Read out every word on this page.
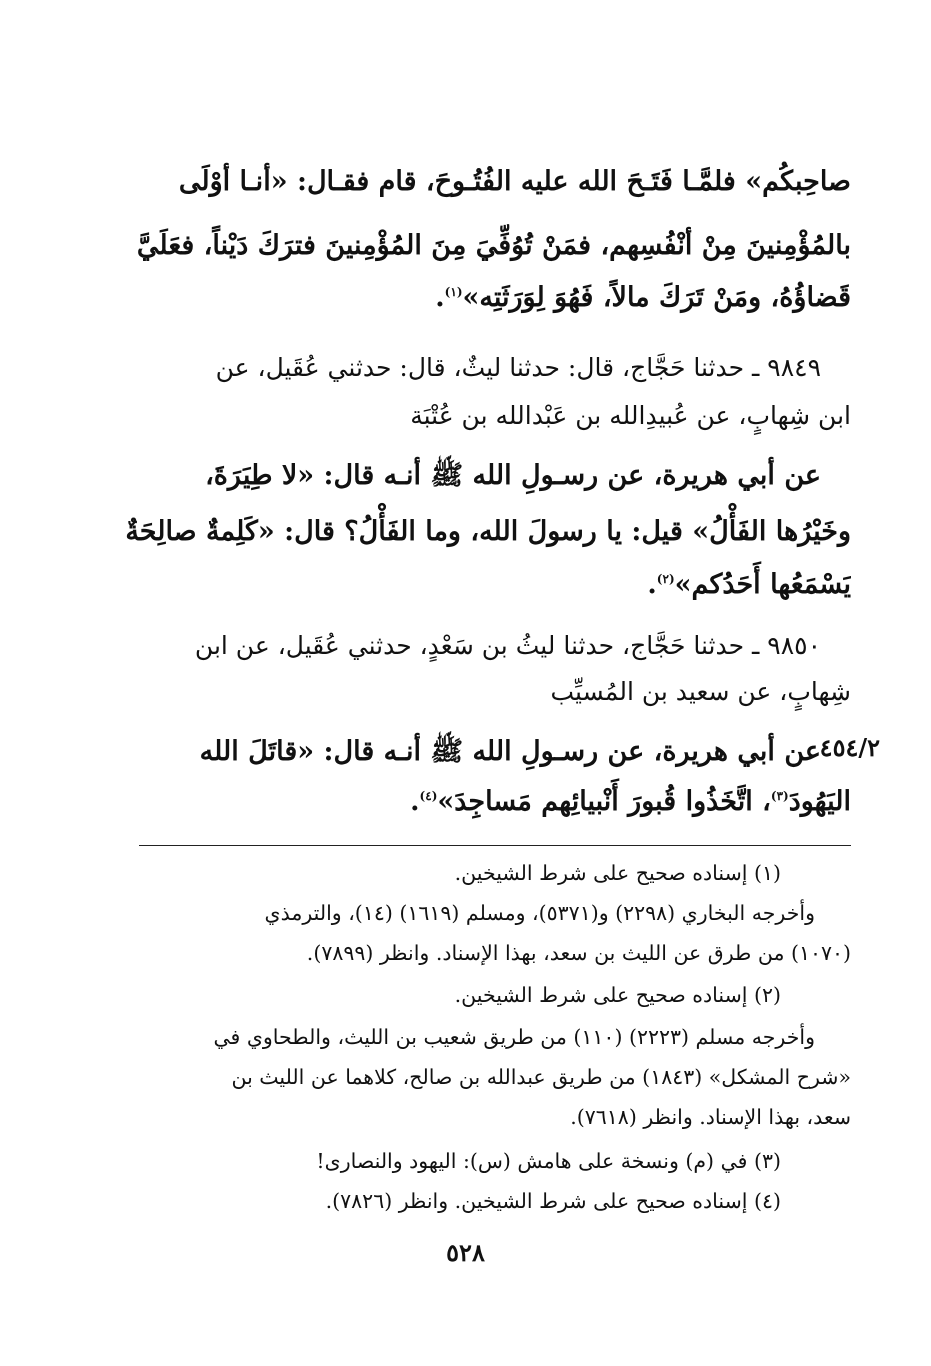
صاحِبكُم» فلمَّـا فَتَـحَ الله عليه الفُتُـوحَ، قام فقـال: «أنـا أوْلَى
بالمُؤْمِنينَ مِنْ أنْفُسِهم، فمَنْ تُوُفِّيَ مِنَ المُؤْمِنينَ فترَكَ دَيْناً، فعَلَيَّ
قَضاؤُهُ، ومَنْ تَرَكَ مالاً، فَهُوَ لِوَرَثَتِه»$^{(١)}$.
٩٨٤٩ ـ حدثنا حَجَّاج، قال: حدثنا ليثٌ، قال: حدثني عُقَيل، عن
ابن شِهابٍ، عن عُبيدِالله بن عَبْدالله بن عُتْبَة
عن أبي هريرة، عن رسـولِ الله ﷺ أنـه قال: «لا طِيَرَةَ،
وخَيْرُها الفَأْلُ» قيل: يا رسولَ الله، وما الفَأْلُ؟ قال: «كَلِمةٌ صالِحَةٌ
يَسْمَعُها أَحَدُكم»$^{(٢)}$.
٩٨٥٠ ـ حدثنا حَجَّاج، حدثنا ليثُ بن سَعْدٍ، حدثني عُقَيل، عن ابن
شِهابٍ، عن سعيد بن المُسيِّب
عن أبي هريرة، عن رسـولِ الله ﷺ أنـه قال: «قاتَلَ الله
اليَهُودَ$^{(٣)}$، اتَّخَذُوا قُبورَ أَنْبيائِهم مَساجِدَ»$^{(٤)}$.
٤٥٤/٢
(١) إسناده صحيح على شرط الشيخين.
وأخرجه البخاري (٢٢٩٨) و(٥٣٧١)، ومسلم (١٦١٩) (١٤)، والترمذي
(١٠٧٠) من طرق عن الليث بن سعد، بهذا الإسناد. وانظر (٧٨٩٩).
(٢) إسناده صحيح على شرط الشيخين.
وأخرجه مسلم (٢٢٢٣) (١١٠) من طريق شعيب بن الليث، والطحاوي في
«شرح المشكل» (١٨٤٣) من طريق عبدالله بن صالح، كلاهما عن الليث بن
سعد، بهذا الإسناد. وانظر (٧٦١٨).
(٣) في (م) ونسخة على هامش (س): اليهود والنصارى!
(٤) إسناده صحيح على شرط الشيخين. وانظر (٧٨٢٦).
٥٢٨
